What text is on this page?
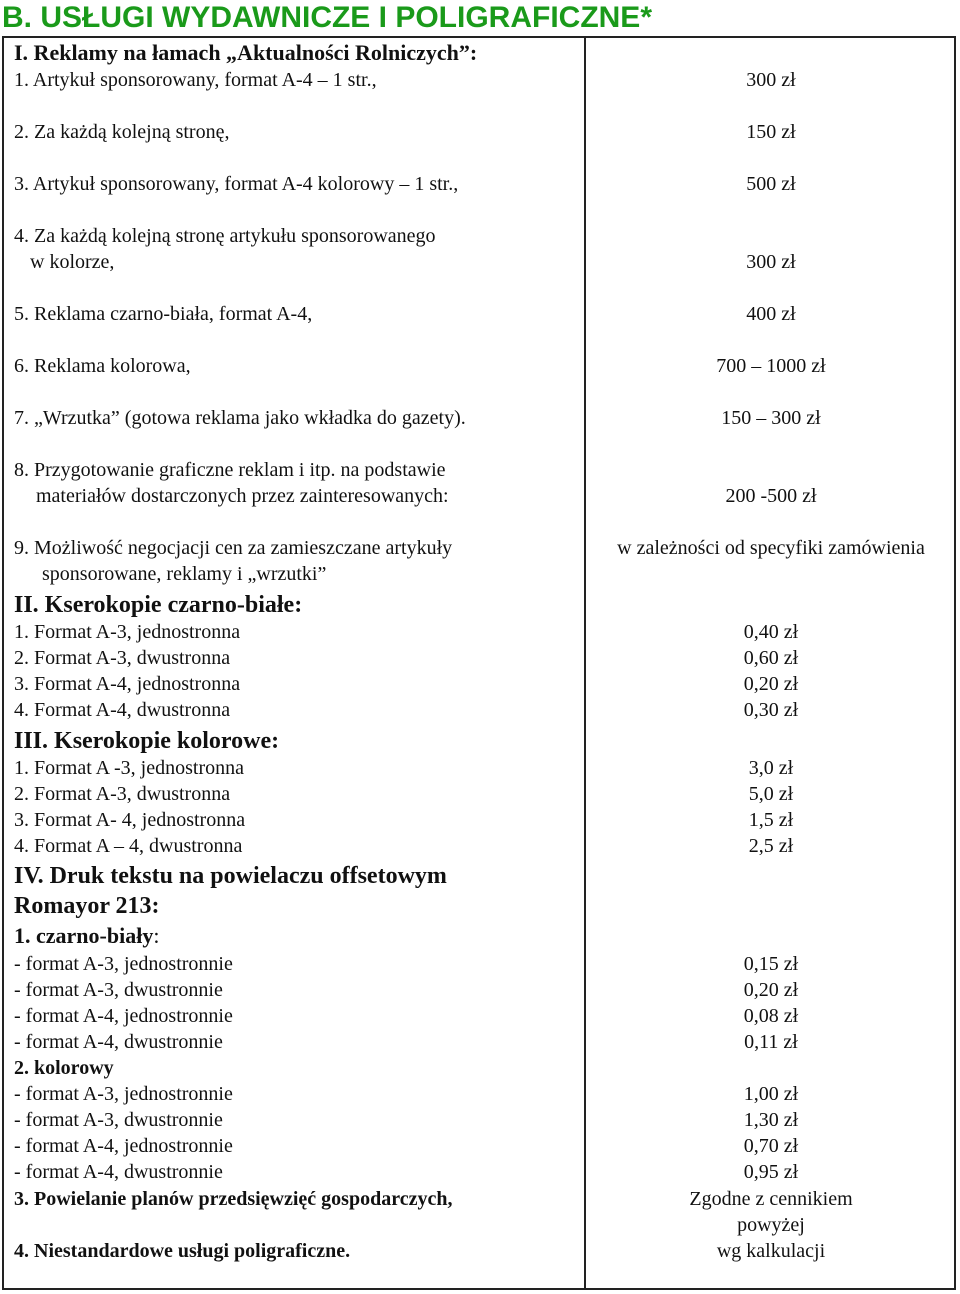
B. USŁUGI WYDAWNICZE I POLIGRAFICZNE*
I. Reklamy na łamach „Aktualności Rolniczych”:
1. Artykuł sponsorowany, format A-4 – 1 str.,	300 zł
2. Za każdą kolejną stronę,	150 zł
3. Artykuł sponsorowany, format A-4 kolorowy – 1 str.,	500 zł
4. Za każdą kolejną stronę artykułu sponsorowanego
w kolorze,	300 zł
5. Reklama czarno-biała, format A-4,	400 zł
6. Reklama kolorowa,	700 – 1000 zł
7. „Wrzutka” (gotowa reklama jako wkładka do gazety).	150 – 300 zł
8. Przygotowanie graficzne reklam i itp. na podstawie
materiałów dostarczonych przez zainteresowanych:	200 -500 zł
9. Możliwość negocjacji cen za zamieszczane artykuły	w zależności od specyfiki zamówienia
sponsorowane, reklamy i „wrzutki”
II. Kserokopie czarno-białe:
1. Format A-3, jednostronna	0,40 zł
2. Format A-3, dwustronna	0,60 zł
3. Format A-4, jednostronna	0,20 zł
4. Format A-4, dwustronna	0,30 zł
III. Kserokopie kolorowe:
1. Format A -3, jednostronna	3,0 zł
2. Format A-3, dwustronna	5,0 zł
3. Format A- 4, jednostronna	1,5 zł
4. Format A – 4, dwustronna	2,5 zł
IV. Druk tekstu na powielaczu offsetowym
Romayor 213:
1. czarno-biały:
- format A-3, jednostronnie	0,15 zł
- format A-3, dwustronnie	0,20 zł
- format A-4, jednostronnie	0,08 zł
- format A-4, dwustronnie	0,11 zł
2. kolorowy
- format A-3, jednostronnie	1,00 zł
- format A-3, dwustronnie	1,30 zł
- format A-4, jednostronnie	0,70 zł
- format A-4, dwustronnie	0,95 zł
3. Powielanie planów przedsięwzięć gospodarczych,	Zgodne z cennikiem
powyżej
4. Niestandardowe usługi poligraficzne.	wg kalkulacji
